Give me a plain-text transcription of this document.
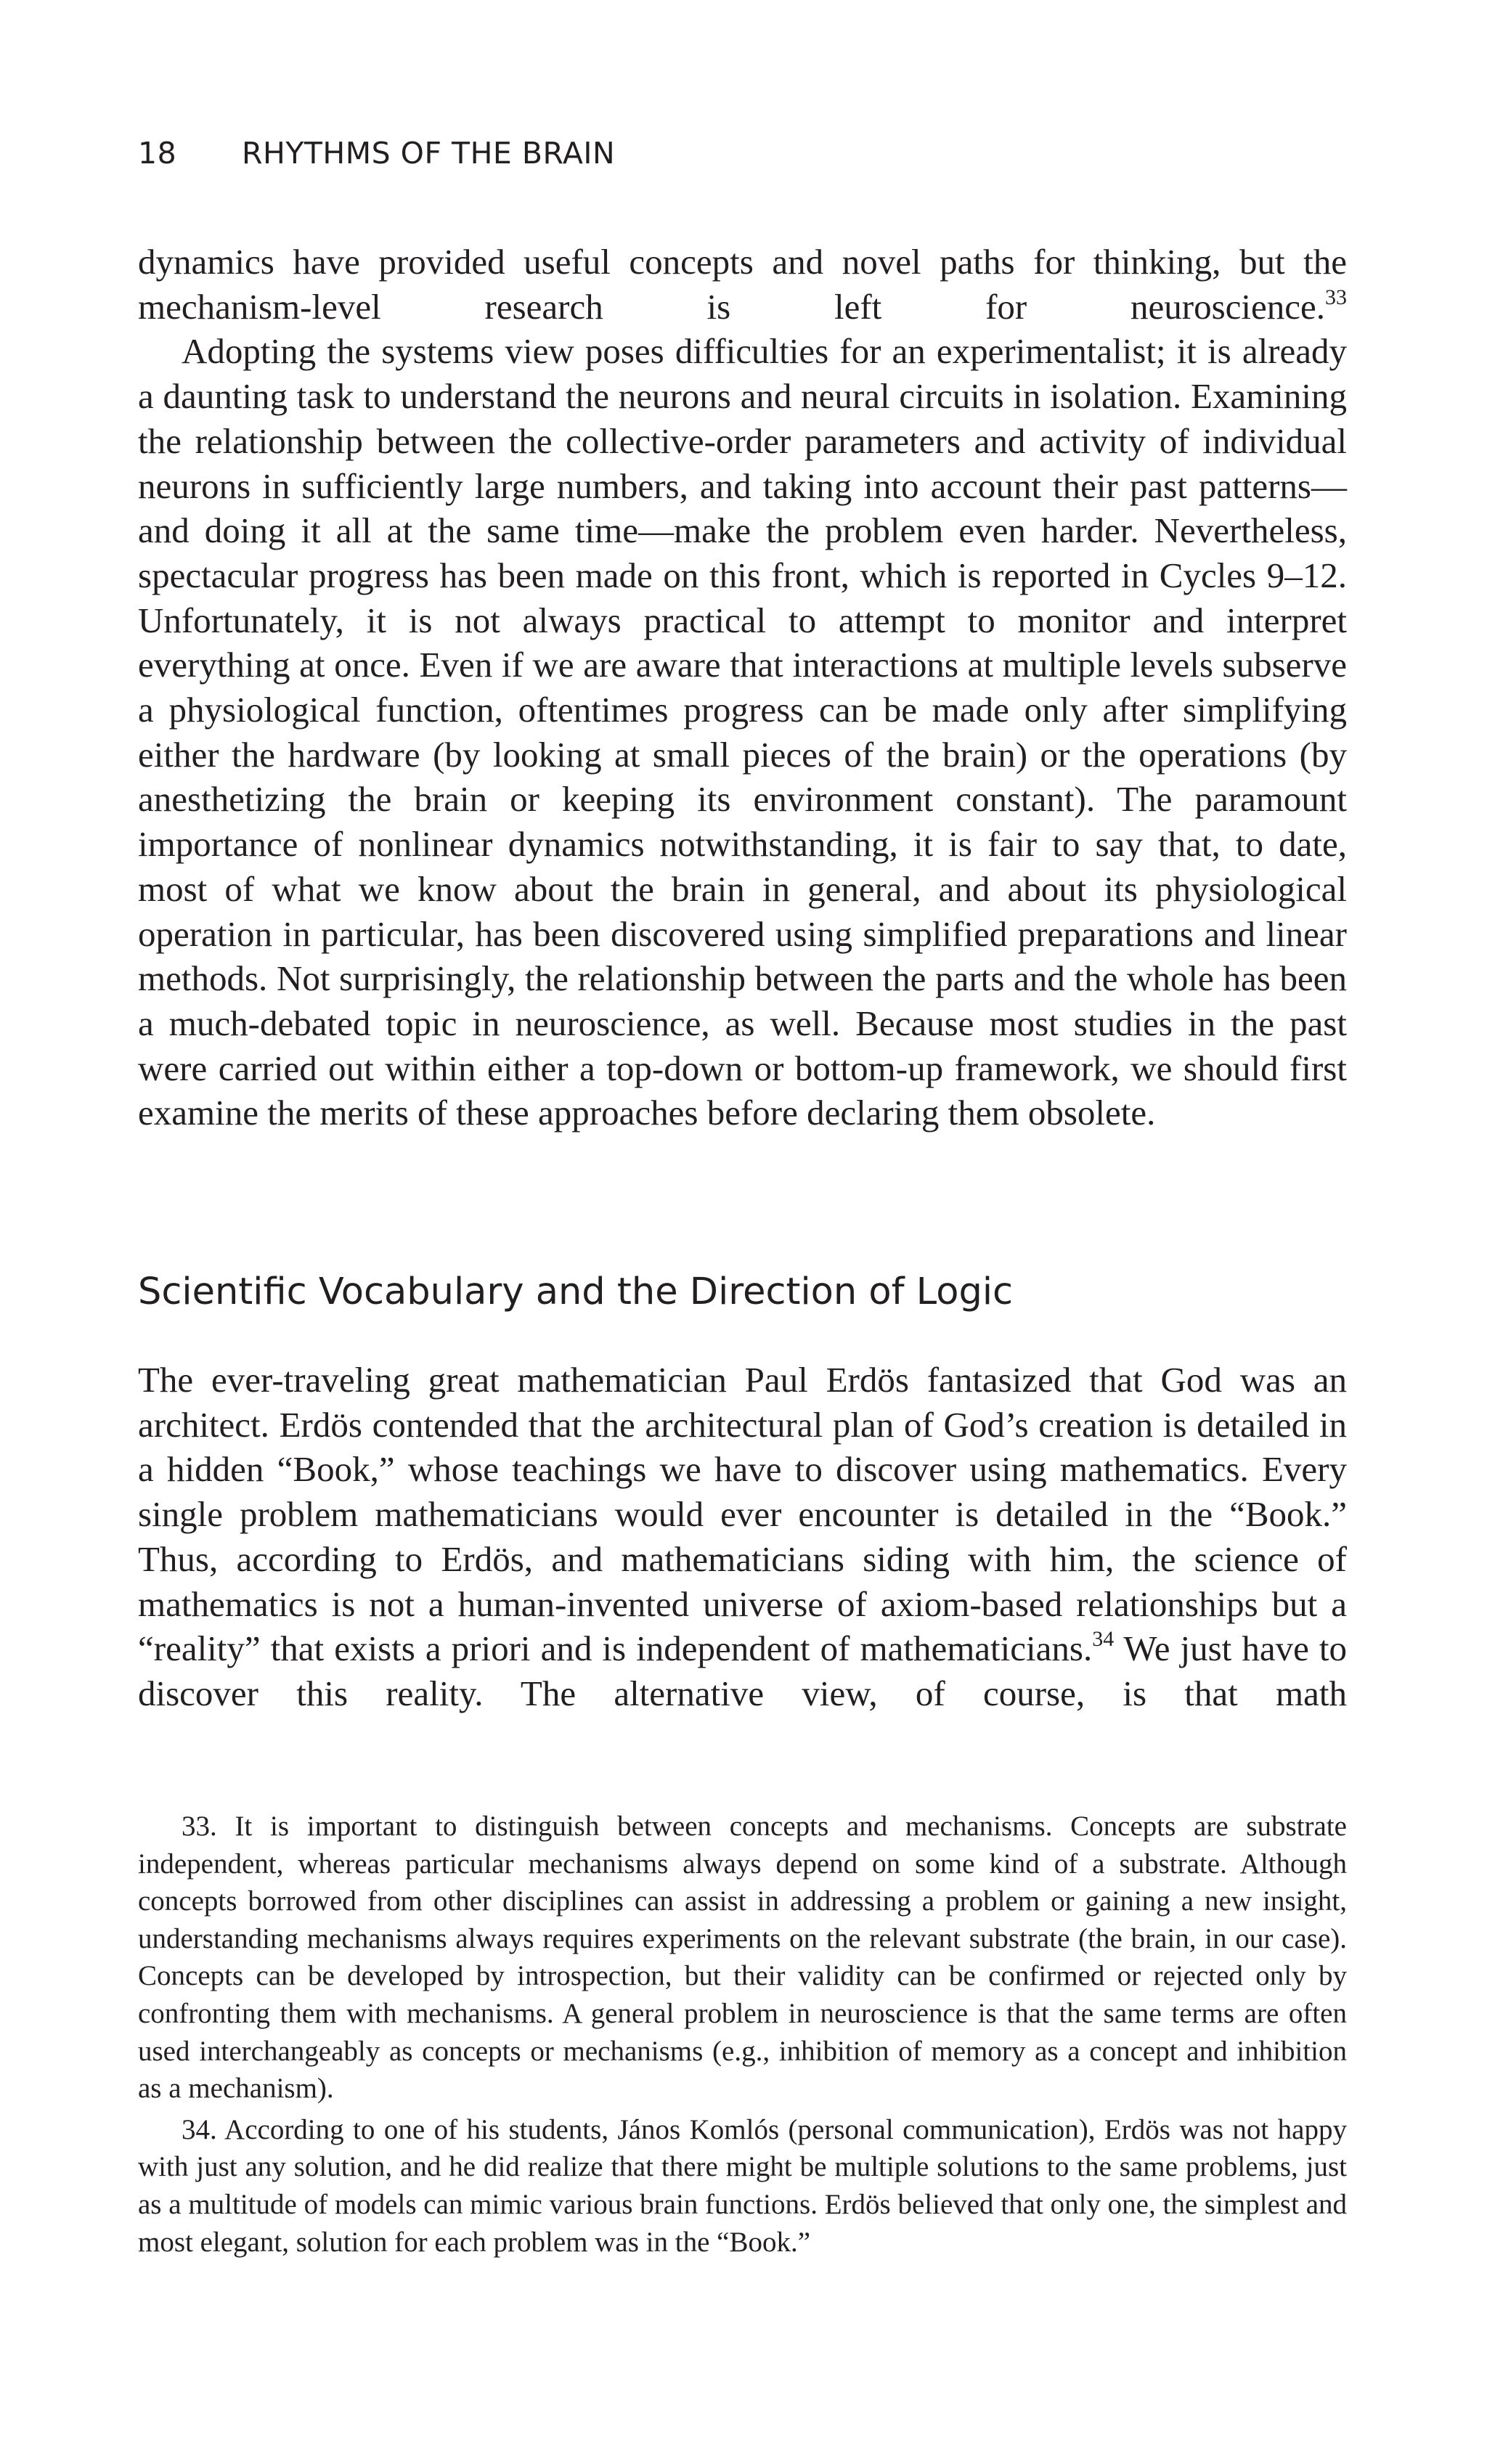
18 RHYTHMS OF THE BRAIN

dynamics have provided useful concepts and novel paths for thinking, but the mechanism-level research is left for neuroscience.$^{33}$

Adopting the systems view poses difficulties for an experimentalist; it is already a daunting task to understand the neurons and neural circuits in isolation. Examining the relationship between the collective-order parameters and activity of individual neurons in sufficiently large numbers, and taking into account their past patterns—and doing it all at the same time—make the problem even harder. Nevertheless, spectacular progress has been made on this front, which is reported in Cycles 9–12. Unfortunately, it is not always practical to attempt to monitor and interpret everything at once. Even if we are aware that interactions at multiple levels subserve a physiological function, oftentimes progress can be made only after simplifying either the hardware (by looking at small pieces of the brain) or the operations (by anesthetizing the brain or keeping its environment constant). The paramount importance of nonlinear dynamics notwithstanding, it is fair to say that, to date, most of what we know about the brain in general, and about its physiological operation in particular, has been discovered using simplified preparations and linear methods. Not surprisingly, the relationship between the parts and the whole has been a much-debated topic in neuroscience, as well. Because most studies in the past were carried out within either a top-down or bottom-up framework, we should first examine the merits of these approaches before declaring them obsolete.

Scientific Vocabulary and the Direction of Logic

The ever-traveling great mathematician Paul Erdös fantasized that God was an architect. Erdös contended that the architectural plan of God’s creation is detailed in a hidden “Book,” whose teachings we have to discover using mathematics. Every single problem mathematicians would ever encounter is detailed in the “Book.” Thus, according to Erdös, and mathematicians siding with him, the science of mathematics is not a human-invented universe of axiom-based relationships but a “reality” that exists a priori and is independent of mathematicians.$^{34}$ We just have to discover this reality. The alternative view, of course, is that math

33. It is important to distinguish between concepts and mechanisms. Concepts are substrate independent, whereas particular mechanisms always depend on some kind of a substrate. Although concepts borrowed from other disciplines can assist in addressing a problem or gaining a new insight, understanding mechanisms always requires experiments on the relevant substrate (the brain, in our case). Concepts can be developed by introspection, but their validity can be confirmed or rejected only by confronting them with mechanisms. A general problem in neuroscience is that the same terms are often used interchangeably as concepts or mechanisms (e.g., inhibition of memory as a concept and inhibition as a mechanism).

34. According to one of his students, János Komlós (personal communication), Erdös was not happy with just any solution, and he did realize that there might be multiple solutions to the same problems, just as a multitude of models can mimic various brain functions. Erdös believed that only one, the simplest and most elegant, solution for each problem was in the “Book.”
